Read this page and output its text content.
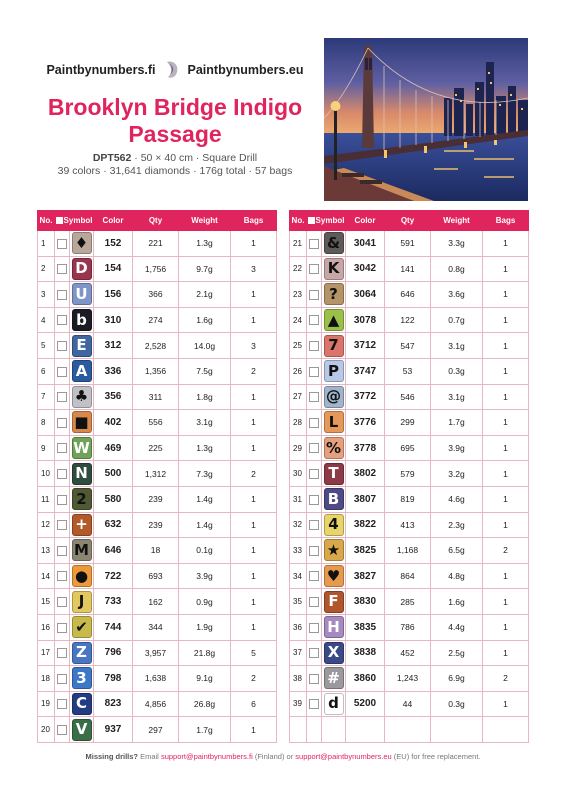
Paintbynumbers.fi	Paintbynumbers.eu
Brooklyn Bridge Indigo Passage
DPT562 · 50 × 40 cm · Square Drill
39 colors · 31,641 diamonds · 176g total · 57 bags
No.	Symbol		Color	Qty	Weight	Bags
1		♦	152	221	1.3g	1
2		D	154	1,756	9.7g	3
3		U	156	366	2.1g	1
4		b	310	274	1.6g	1
5		E	312	2,528	14.0g	3
6		A	336	1,356	7.5g	2
7		♣	356	311	1.8g	1
8		■	402	556	3.1g	1
9		W	469	225	1.3g	1
10		N	500	1,312	7.3g	2
11		2	580	239	1.4g	1
12		+	632	239	1.4g	1
13		M	646	18	0.1g	1
14		●	722	693	3.9g	1
15		J	733	162	0.9g	1
16		✔	744	344	1.9g	1
17		Z	796	3,957	21.8g	5
18		3	798	1,638	9.1g	2
19		C	823	4,856	26.8g	6
20		V	937	297	1.7g	1
No.	Symbol		Color	Qty	Weight	Bags
21		&	3041	591	3.3g	1
22		K	3042	141	0.8g	1
23		?	3064	646	3.6g	1
24		▲	3078	122	0.7g	1
25		7	3712	547	3.1g	1
26		P	3747	53	0.3g	1
27		@	3772	546	3.1g	1
28		L	3776	299	1.7g	1
29		%	3778	695	3.9g	1
30		T	3802	579	3.2g	1
31		B	3807	819	4.6g	1
32		4	3822	413	2.3g	1
33		★	3825	1,168	6.5g	2
34		♥	3827	864	4.8g	1
35		F	3830	285	1.6g	1
36		H	3835	786	4.4g	1
37		X	3838	452	2.5g	1
38		#	3860	1,243	6.9g	2
39		d	5200	44	0.3g	1

Missing drills? Email support@paintbynumbers.fi (Finland) or support@paintbynumbers.eu (EU) for free replacement.
